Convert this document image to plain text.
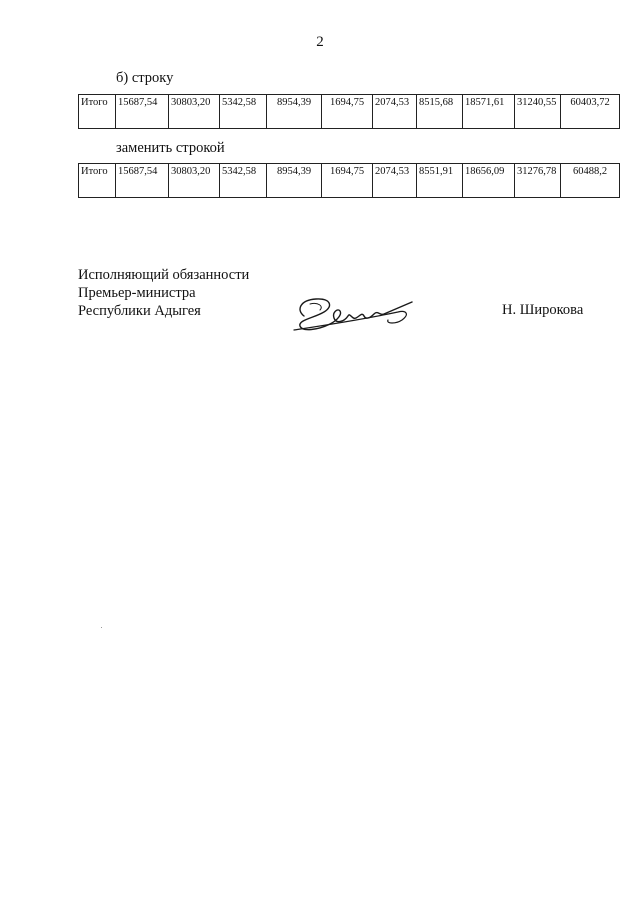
2
б) строку
Итого	15687,54	30803,20	5342,58	8954,39	1694,75	2074,53	8515,68	18571,61	31240,55	60403,72
заменить строкой
Итого	15687,54	30803,20	5342,58	8954,39	1694,75	2074,53	8551,91	18656,09	31276,78	60488,2
Исполняющий обязанности
Премьер-министра
Республики Адыгея	Н. Широкова
